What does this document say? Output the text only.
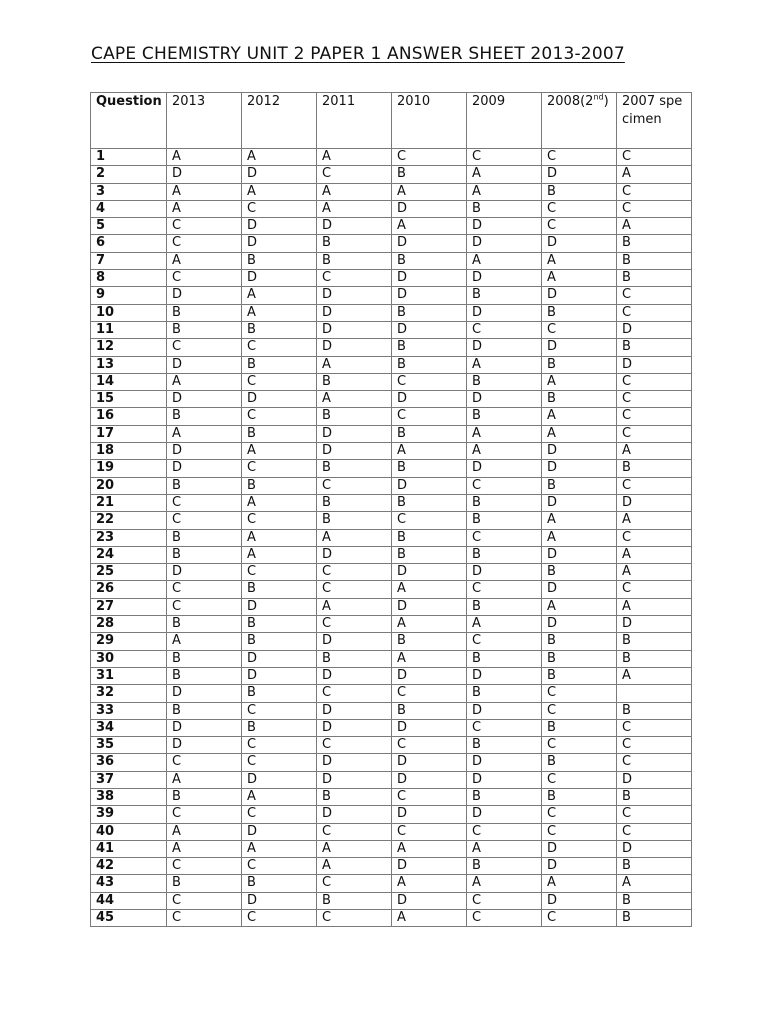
CAPE CHEMISTRY UNIT 2 PAPER 1 ANSWER SHEET 2013-2007
Question	2013	2012	2011	2010	2009	2008(2nd)	2007 specimen
1	A	A	A	C	C	C	C
2	D	D	C	B	A	D	A
3	A	A	A	A	A	B	C
4	A	C	A	D	B	C	C
5	C	D	D	A	D	C	A
6	C	D	B	D	D	D	B
7	A	B	B	B	A	A	B
8	C	D	C	D	D	A	B
9	D	A	D	D	B	D	C
10	B	A	D	B	D	B	C
11	B	B	D	D	C	C	D
12	C	C	D	B	D	D	B
13	D	B	A	B	A	B	D
14	A	C	B	C	B	A	C
15	D	D	A	D	D	B	C
16	B	C	B	C	B	A	C
17	A	B	D	B	A	A	C
18	D	A	D	A	A	D	A
19	D	C	B	B	D	D	B
20	B	B	C	D	C	B	C
21	C	A	B	B	B	D	D
22	C	C	B	C	B	A	A
23	B	A	A	B	C	A	C
24	B	A	D	B	B	D	A
25	D	C	C	D	D	B	A
26	C	B	C	A	C	D	C
27	C	D	A	D	B	A	A
28	B	B	C	A	A	D	D
29	A	B	D	B	C	B	B
30	B	D	B	A	B	B	B
31	B	D	D	D	D	B	A
32	D	B	C	C	B	C	
33	B	C	D	B	D	C	B
34	D	B	D	D	C	B	C
35	D	C	C	C	B	C	C
36	C	C	D	D	D	B	C
37	A	D	D	D	D	C	D
38	B	A	B	C	B	B	B
39	C	C	D	D	D	C	C
40	A	D	C	C	C	C	C
41	A	A	A	A	A	D	D
42	C	C	A	D	B	D	B
43	B	B	C	A	A	A	A
44	C	D	B	D	C	D	B
45	C	C	C	A	C	C	B
